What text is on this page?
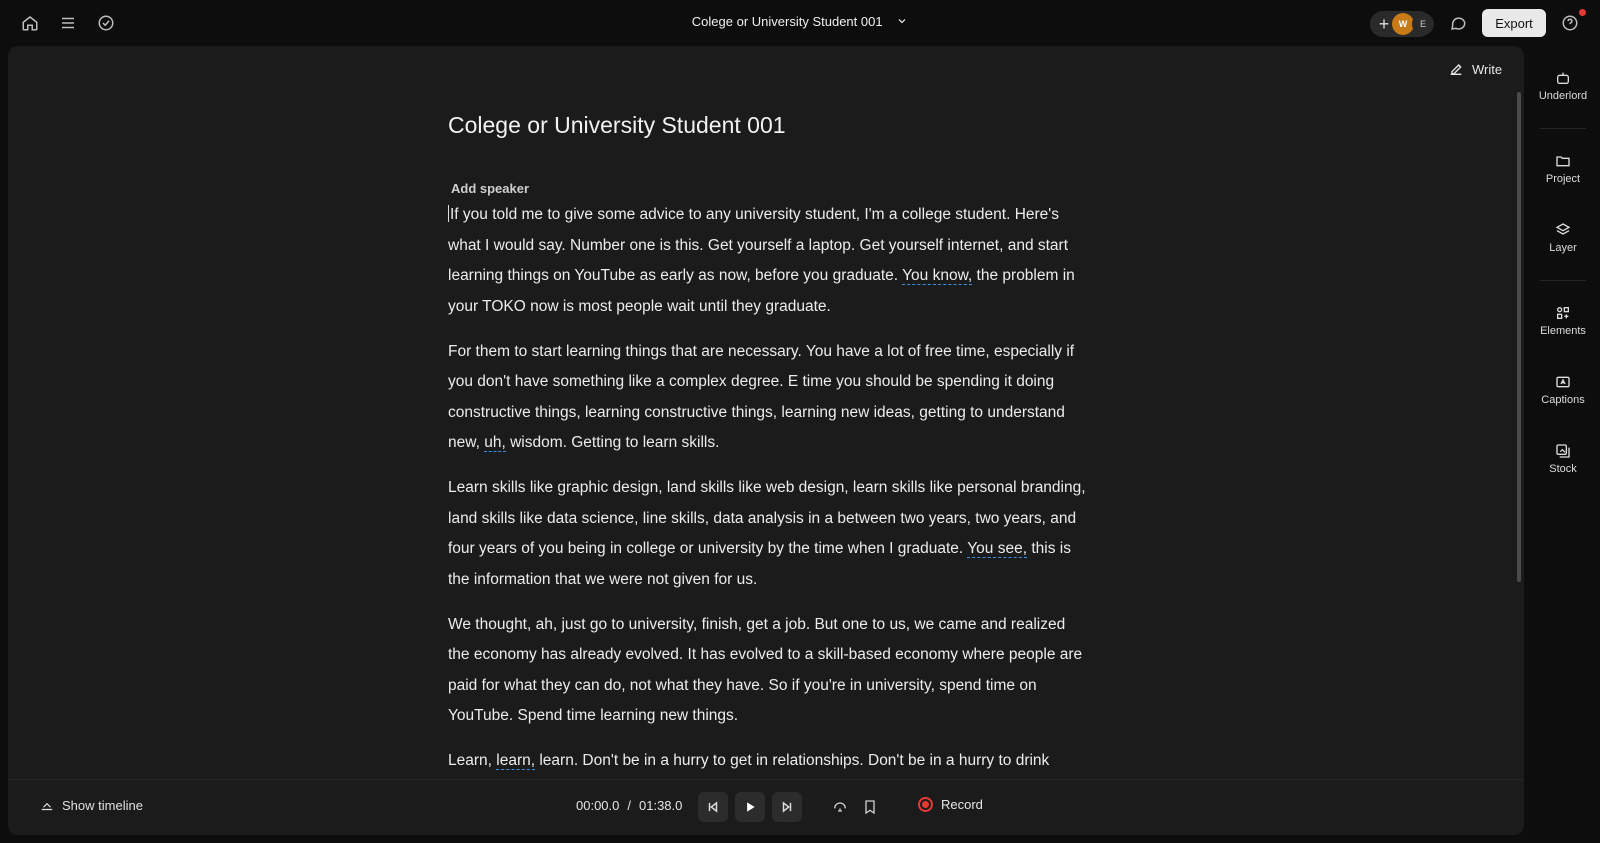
Colege or University Student 001	+	W	E	Export
Write
Colege or University Student 001
Add speaker

If you told me to give some advice to any university student, I'm a college student. Here's what I would say. Number one is this. Get yourself a laptop. Get yourself internet, and start learning things on YouTube as early as now, before you graduate. You know, the problem in your TOKO now is most people wait until they graduate.

For them to start learning things that are necessary. You have a lot of free time, especially if you don't have something like a complex degree. E time you should be spending it doing constructive things, learning constructive things, learning new ideas, getting to understand new, uh, wisdom. Getting to learn skills.

Learn skills like graphic design, land skills like web design, learn skills like personal branding, land skills like data science, line skills, data analysis in a between two years, two years, and four years of you being in college or university by the time when I graduate. You see, this is the information that we were not given for us.

We thought, ah, just go to university, finish, get a job. But one to us, we came and realized the economy has already evolved. It has evolved to a skill-based economy where people are paid for what they can do, not what they have. So if you're in university, spend time on YouTube. Spend time learning new things.

Learn, learn, learn. Don't be in a hurry to get in relationships. Don't be in a hurry to drink

Show timeline	00:00.0 / 01:38.0	Record
Underlord
Project
Layer
Elements
Captions
Stock
